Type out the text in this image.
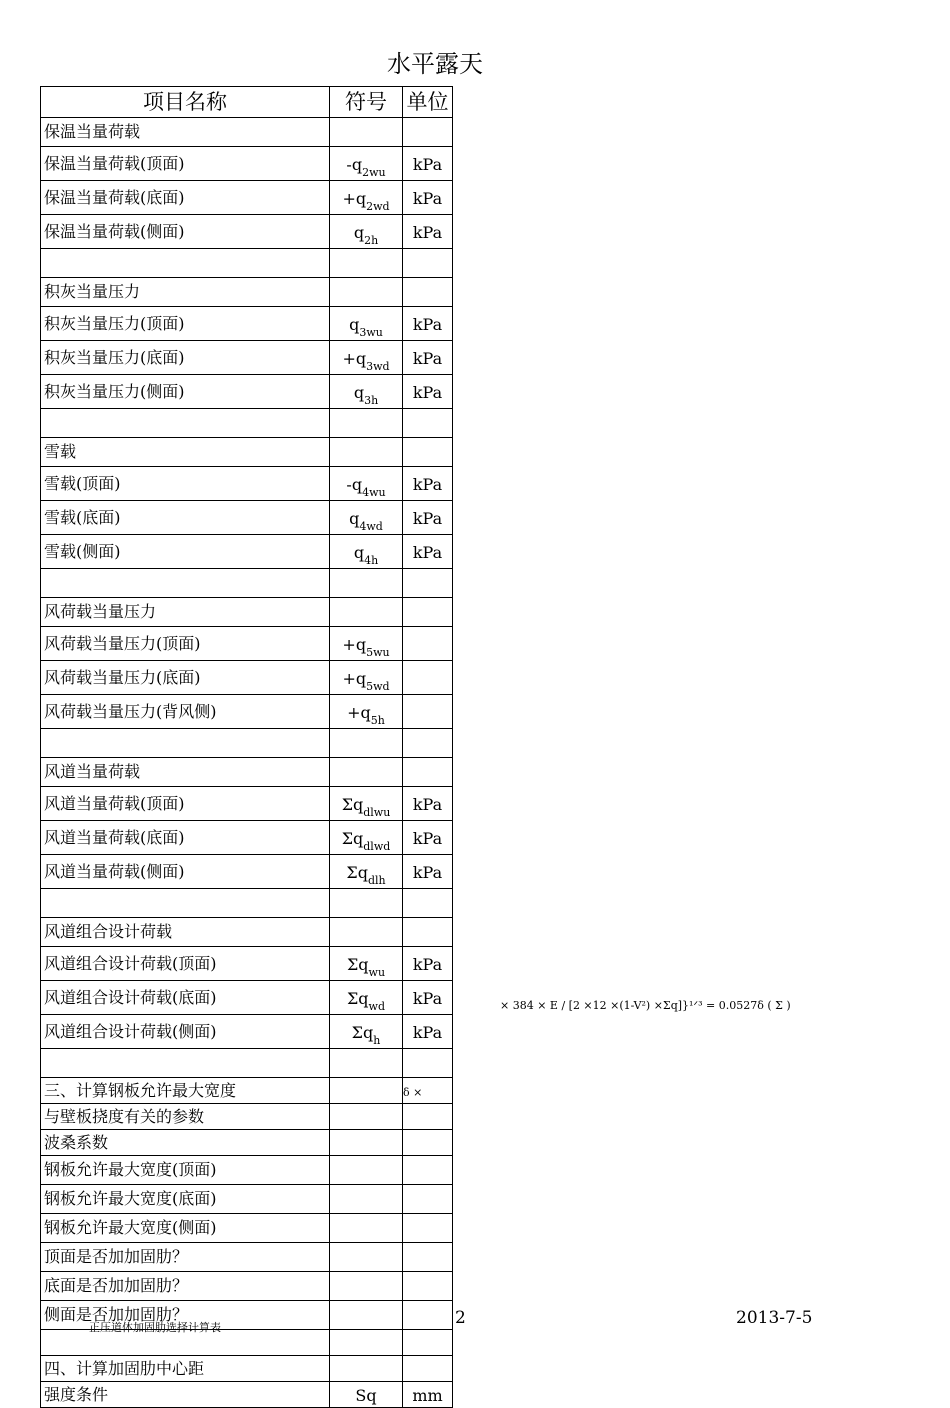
水平露天
项目名称	符号	单位
保温当量荷载		
保温当量荷载(顶面)	$-q_{2wu}$	kPa
保温当量荷载(底面)	$+q_{2wd}$	kPa
保温当量荷载(侧面)	$q_{2h}$	kPa

积灰当量压力		
积灰当量压力(顶面)	$q_{3wu}$	kPa
积灰当量压力(底面)	$+q_{3wd}$	kPa
积灰当量压力(侧面)	$q_{3h}$	kPa

雪载		
雪载(顶面)	$-q_{4wu}$	kPa
雪载(底面)	$q_{4wd}$	kPa
雪载(侧面)	$q_{4h}$	kPa

风荷载当量压力		
风荷载当量压力(顶面)	$+q_{5wu}$	
风荷载当量压力(底面)	$+q_{5wd}$	
风荷载当量压力(背风侧)	$+q_{5h}$	

风道当量荷载		
风道当量荷载(顶面)	$\Sigma q_{dlwu}$	kPa
风道当量荷载(底面)	$\Sigma q_{dlwd}$	kPa
风道当量荷载(侧面)	$\Sigma q_{dlh}$	kPa

风道组合设计荷载		
风道组合设计荷载(顶面)	$\Sigma q_{wu}$	kPa
风道组合设计荷载(底面)	$\Sigma q_{wd}$	kPa
风道组合设计荷载(侧面)	$\Sigma q_h$	kPa

三、计算钢板允许最大宽度		δ ×
与壁板挠度有关的参数		
波桑系数		
钢板允许最大宽度(顶面)		
钢板允许最大宽度(底面)		
钢板允许最大宽度(侧面)		
顶面是否加加固肋？		
底面是否加加固肋？		
侧面是否加加固肋？		

四、计算加固肋中心距		
强度条件	Sq	mm
× 384 × E / [2 ×12 ×(1-V²) ×Σq]}¹ᐟ³ = 0.0527δ ( Σ )
2	2013-7-5
正压道体加固肋选择计算表
